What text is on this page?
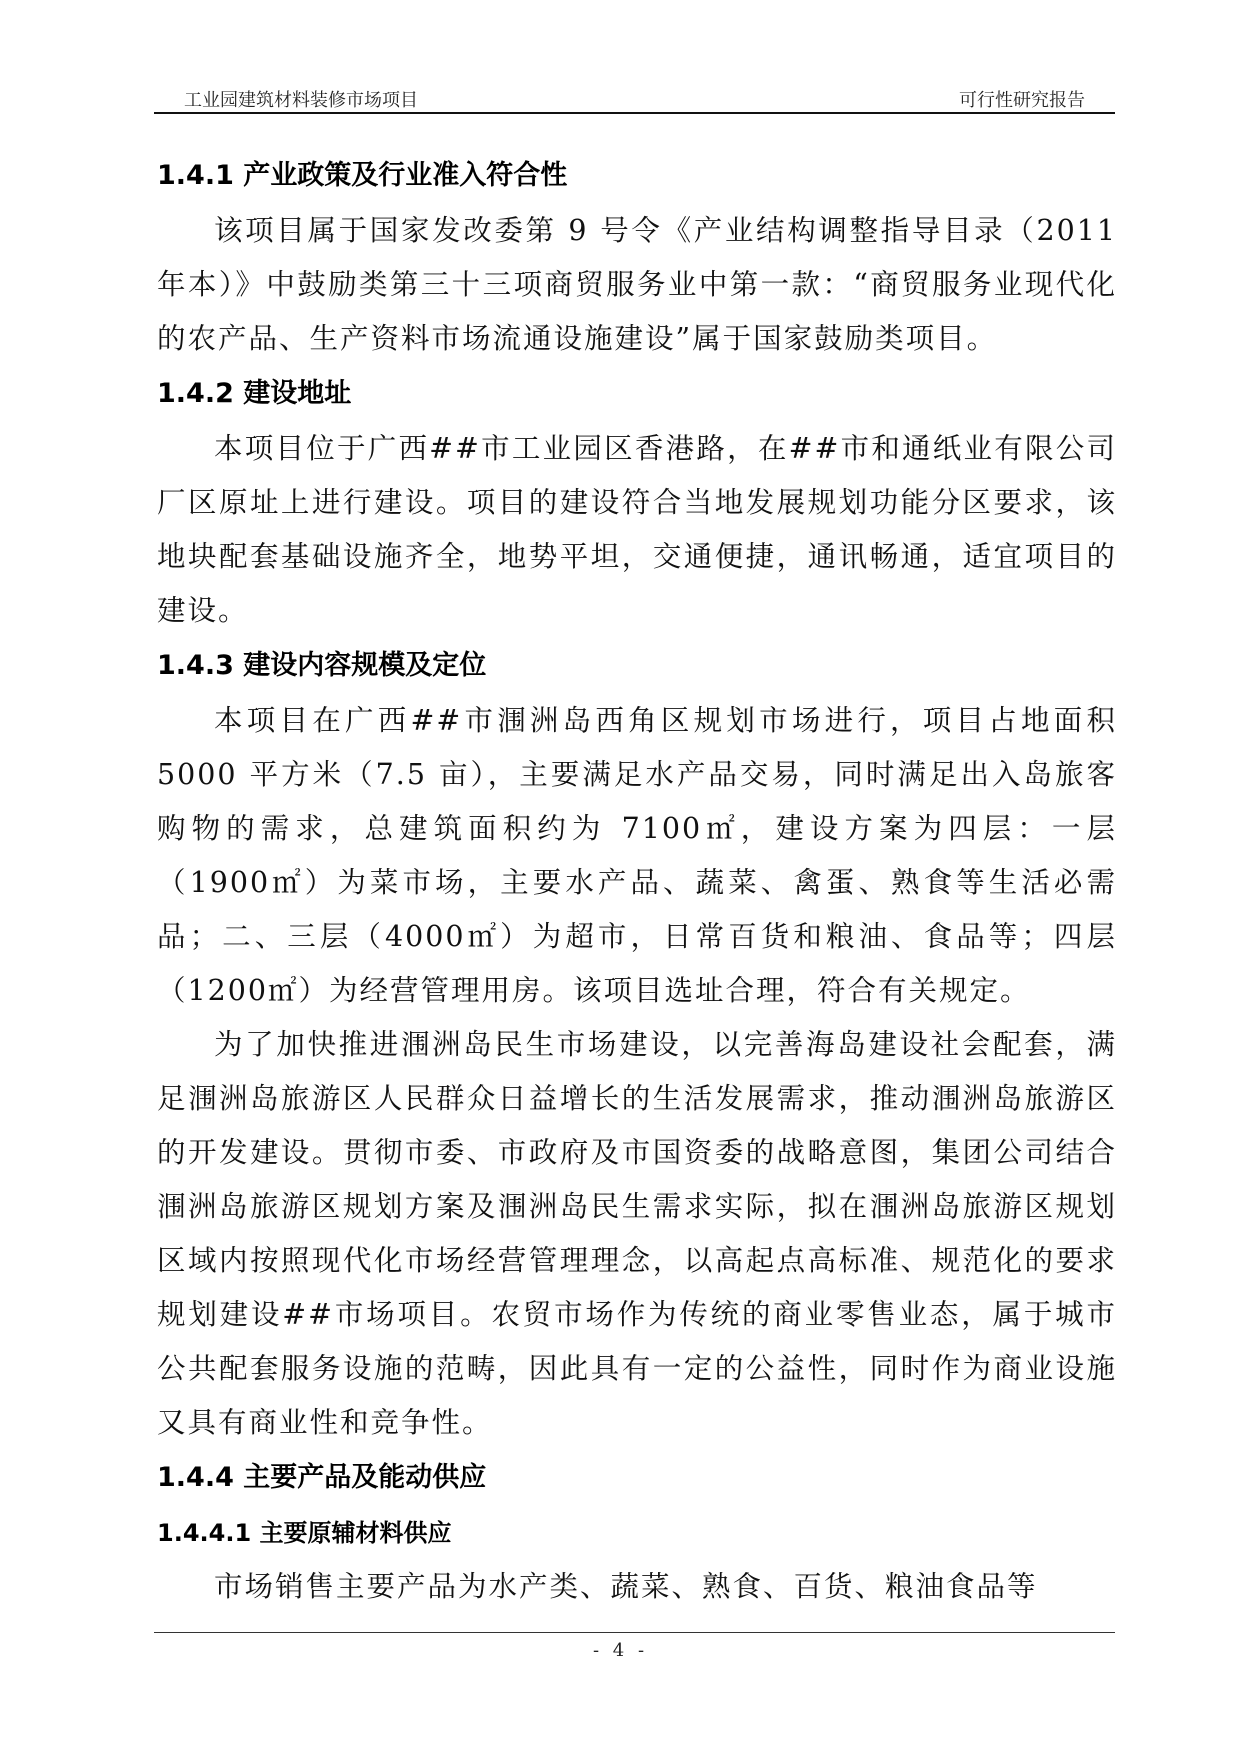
工业园建筑材料装修市场项目	可行性研究报告
1.4.1 产业政策及行业准入符合性

该项目属于国家发改委第 9 号令《产业结构调整指导目录（2011 年本）》中鼓励类第三十三项商贸服务业中第一款：“商贸服务业现代化的农产品、生产资料市场流通设施建设”属于国家鼓励类项目。

1.4.2 建设地址

本项目位于广西##市工业园区香港路，在##市和通纸业有限公司厂区原址上进行建设。项目的建设符合当地发展规划功能分区要求，该地块配套基础设施齐全，地势平坦，交通便捷，通讯畅通，适宜项目的建设。

1.4.3 建设内容规模及定位

本项目在广西##市涠洲岛西角区规划市场进行，项目占地面积 5000 平方米（7.5 亩），主要满足水产品交易，同时满足出入岛旅客购物的需求，总建筑面积约为 7100㎡，建设方案为四层：一层（1900㎡）为菜市场，主要水产品、蔬菜、禽蛋、熟食等生活必需品；二、三层（4000㎡）为超市，日常百货和粮油、食品等；四层（1200㎡）为经营管理用房。该项目选址合理，符合有关规定。

为了加快推进涠洲岛民生市场建设，以完善海岛建设社会配套，满足涠洲岛旅游区人民群众日益增长的生活发展需求，推动涠洲岛旅游区的开发建设。贯彻市委、市政府及市国资委的战略意图，集团公司结合涠洲岛旅游区规划方案及涠洲岛民生需求实际，拟在涠洲岛旅游区规划区域内按照现代化市场经营管理理念，以高起点高标准、规范化的要求规划建设##市场项目。农贸市场作为传统的商业零售业态，属于城市公共配套服务设施的范畴，因此具有一定的公益性，同时作为商业设施又具有商业性和竞争性。

1.4.4 主要产品及能动供应
1.4.4.1 主要原辅材料供应

市场销售主要产品为水产类、蔬菜、熟食、百货、粮油食品等

- 4 -
